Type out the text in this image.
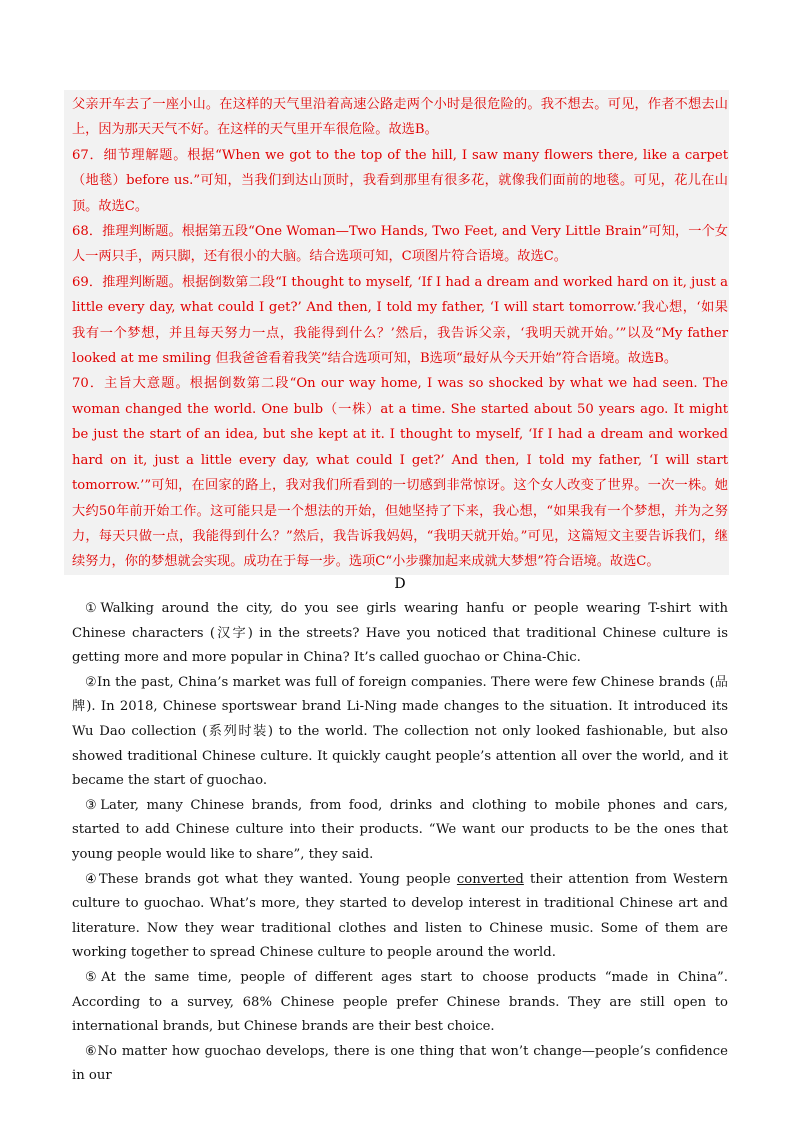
父亲开车去了一座小山。在这样的天气里沿着高速公路走两个小时是很危险的。我不想去。可见，作者不想去山上，因为那天天气不好。在这样的天气里开车很危险。故选B。

67．细节理解题。根据“When we got to the top of the hill, I saw many flowers there, like a carpet（地毯）before us.”可知，当我们到达山顶时，我看到那里有很多花，就像我们面前的地毯。可见，花儿在山顶。故选C。

68．推理判断题。根据第五段“One Woman—Two Hands, Two Feet, and Very Little Brain”可知，一个女人一两只手，两只脚，还有很小的大脑。结合选项可知，C项图片符合语境。故选C。

69．推理判断题。根据倒数第二段“I thought to myself, ‘If I had a dream and worked hard on it, just a little every day, what could I get?’ And then, I told my father, ‘I will start tomorrow.’我心想，‘如果我有一个梦想，并且每天努力一点，我能得到什么？’然后，我告诉父亲，‘我明天就开始。’”以及“My father looked at me smiling 但我爸爸看着我笑”结合选项可知，B选项“最好从今天开始”符合语境。故选B。

70．主旨大意题。根据倒数第二段“On our way home, I was so shocked by what we had seen. The woman changed the world. One bulb（一株）at a time. She started about 50 years ago. It might be just the start of an idea, but she kept at it. I thought to myself, ‘If I had a dream and worked hard on it, just a little every day, what could I get?’ And then, I told my father, ‘I will start tomorrow.’”可知，在回家的路上，我对我们所看到的一切感到非常惊讶。这个女人改变了世界。一次一株。她大约50年前开始工作。这可能只是一个想法的开始，但她坚持了下来，我心想，“如果我有一个梦想，并为之努力，每天只做一点，我能得到什么？”然后，我告诉我妈妈，“我明天就开始。”可见，这篇短文主要告诉我们，继续努力，你的梦想就会实现。成功在于每一步。选项C“小步骤加起来成就大梦想”符合语境。故选C。

D

①Walking around the city, do you see girls wearing hanfu or people wearing T-shirt with Chinese characters (汉字) in the streets? Have you noticed that traditional Chinese culture is getting more and more popular in China? It’s called guochao or China-Chic.

②In the past, China’s market was full of foreign companies. There were few Chinese brands (品牌). In 2018, Chinese sportswear brand Li-Ning made changes to the situation. It introduced its Wu Dao collection (系列时装) to the world. The collection not only looked fashionable, but also showed traditional Chinese culture. It quickly caught people’s attention all over the world, and it became the start of guochao.

③Later, many Chinese brands, from food, drinks and clothing to mobile phones and cars, started to add Chinese culture into their products. “We want our products to be the ones that young people would like to share”, they said.

④These brands got what they wanted. Young people converted their attention from Western culture to guochao. What’s more, they started to develop interest in traditional Chinese art and literature. Now they wear traditional clothes and listen to Chinese music. Some of them are working together to spread Chinese culture to people around the world.

⑤At the same time, people of different ages start to choose products “made in China”. According to a survey, 68% Chinese people prefer Chinese brands. They are still open to international brands, but Chinese brands are their best choice.

⑥No matter how guochao develops, there is one thing that won’t change—people’s confidence in our
